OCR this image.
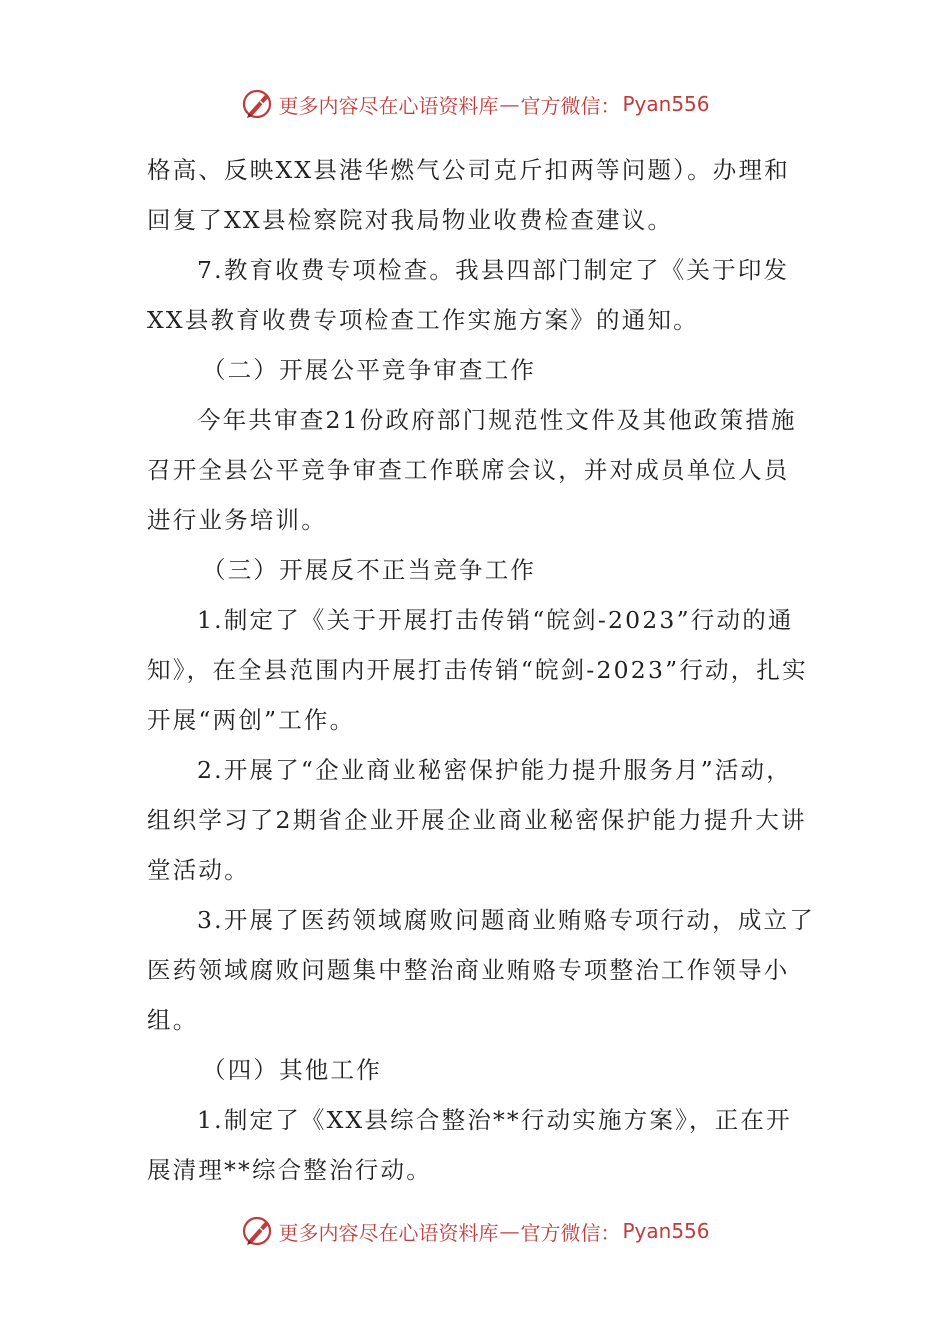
更多内容尽在心语资料库 — 官方微信： Pyan556
格高、反映XX县港华燃气公司克斤扣两等问题）。办理和
回复了XX县检察院对我局物业收费检查建议。
7.教育收费专项检查。我县四部门制定了《关于印发
XX县教育收费专项检查工作实施方案》的通知。
（二）开展公平竞争审查工作
今年共审查21份政府部门规范性文件及其他政策措施
召开全县公平竞争审查工作联席会议，并对成员单位人员
进行业务培训。
（三）开展反不正当竞争工作
1.制定了《关于开展打击传销“皖剑-2023”行动的通
知》，在全县范围内开展打击传销“皖剑-2023”行动，扎实
开展“两创”工作。
2.开展了“企业商业秘密保护能力提升服务月”活动，
组织学习了2期省企业开展企业商业秘密保护能力提升大讲
堂活动。
3.开展了医药领域腐败问题商业贿赂专项行动，成立了
医药领域腐败问题集中整治商业贿赂专项整治工作领导小
组。
（四）其他工作
1.制定了《XX县综合整治**行动实施方案》，正在开
展清理**综合整治行动。
更多内容尽在心语资料库 — 官方微信： Pyan556
